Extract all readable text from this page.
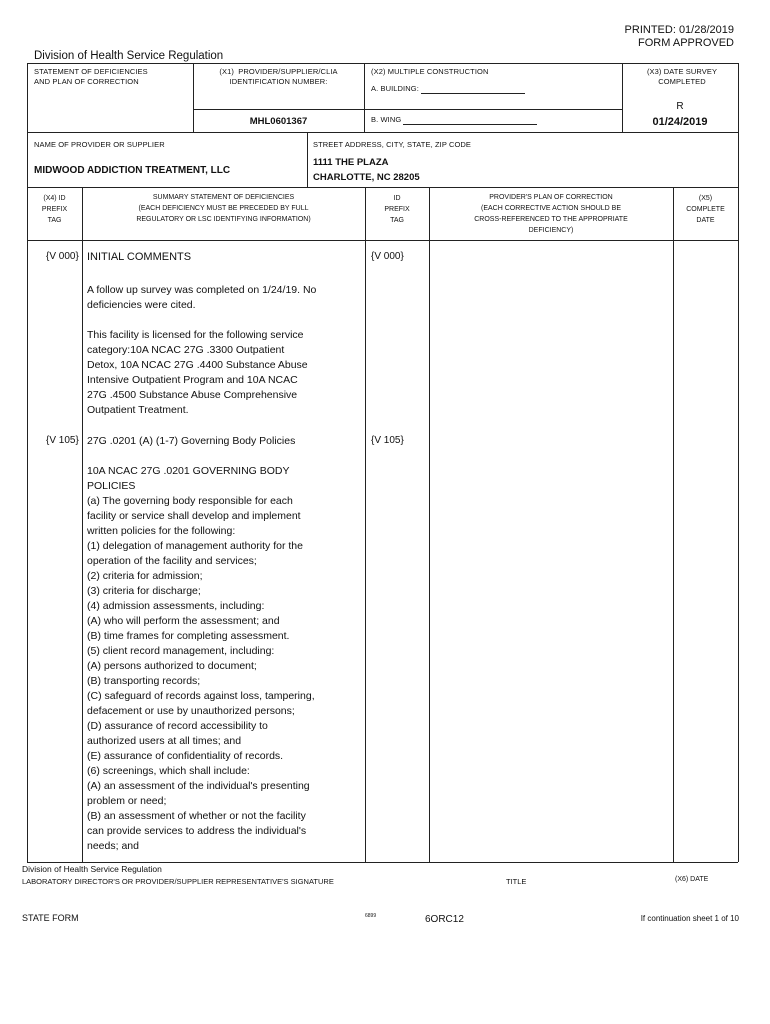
PRINTED: 01/28/2019
FORM APPROVED
Division of Health Service Regulation
STATEMENT OF DEFICIENCIES
AND PLAN OF CORRECTION
(X1)  PROVIDER/SUPPLIER/CLIA
IDENTIFICATION NUMBER:
MHL0601367
(X2) MULTIPLE CONSTRUCTION
A. BUILDING:
B. WING
(X3) DATE SURVEY
COMPLETED
R
01/24/2019
NAME OF PROVIDER OR SUPPLIER
MIDWOOD ADDICTION TREATMENT, LLC
STREET ADDRESS, CITY, STATE, ZIP CODE
1111 THE PLAZA
CHARLOTTE, NC 28205
(X4) ID
PREFIX
TAG
SUMMARY STATEMENT OF DEFICIENCIES
(EACH DEFICIENCY MUST BE PRECEDED BY FULL
REGULATORY OR LSC IDENTIFYING INFORMATION)
ID
PREFIX
TAG
PROVIDER'S PLAN OF CORRECTION
(EACH CORRECTIVE ACTION SHOULD BE
CROSS-REFERENCED TO THE APPROPRIATE
DEFICIENCY)
(X5)
COMPLETE
DATE
{V 000} INITIAL COMMENTS	{V 000}
A follow up survey was completed on 1/24/19. No
deficiencies were cited.

This facility is licensed for the following service
category:10A NCAC 27G .3300 Outpatient
Detox, 10A NCAC 27G .4400 Substance Abuse
Intensive Outpatient Program and 10A NCAC
27G .4500 Substance Abuse Comprehensive
Outpatient Treatment.
{V 105} 27G .0201 (A) (1-7) Governing Body Policies	{V 105}
10A NCAC 27G .0201 GOVERNING BODY
POLICIES
(a) The governing body responsible for each
facility or service shall develop and implement
written policies for the following:
(1) delegation of management authority for the
operation of the facility and services;
(2) criteria for admission;
(3) criteria for discharge;
(4) admission assessments, including:
(A) who will perform the assessment; and
(B) time frames for completing assessment.
(5) client record management, including:
(A) persons authorized to document;
(B) transporting records;
(C) safeguard of records against loss, tampering,
defacement or use by unauthorized persons;
(D) assurance of record accessibility to
authorized users at all times; and
(E) assurance of confidentiality of records.
(6) screenings, which shall include:
(A) an assessment of the individual's presenting
problem or need;
(B) an assessment of whether or not the facility
can provide services to address the individual's
needs; and
Division of Health Service Regulation
LABORATORY DIRECTOR'S OR PROVIDER/SUPPLIER REPRESENTATIVE'S SIGNATURE	TITLE	(X6) DATE
STATE FORM	6899	6ORC12	If continuation sheet 1 of 10
